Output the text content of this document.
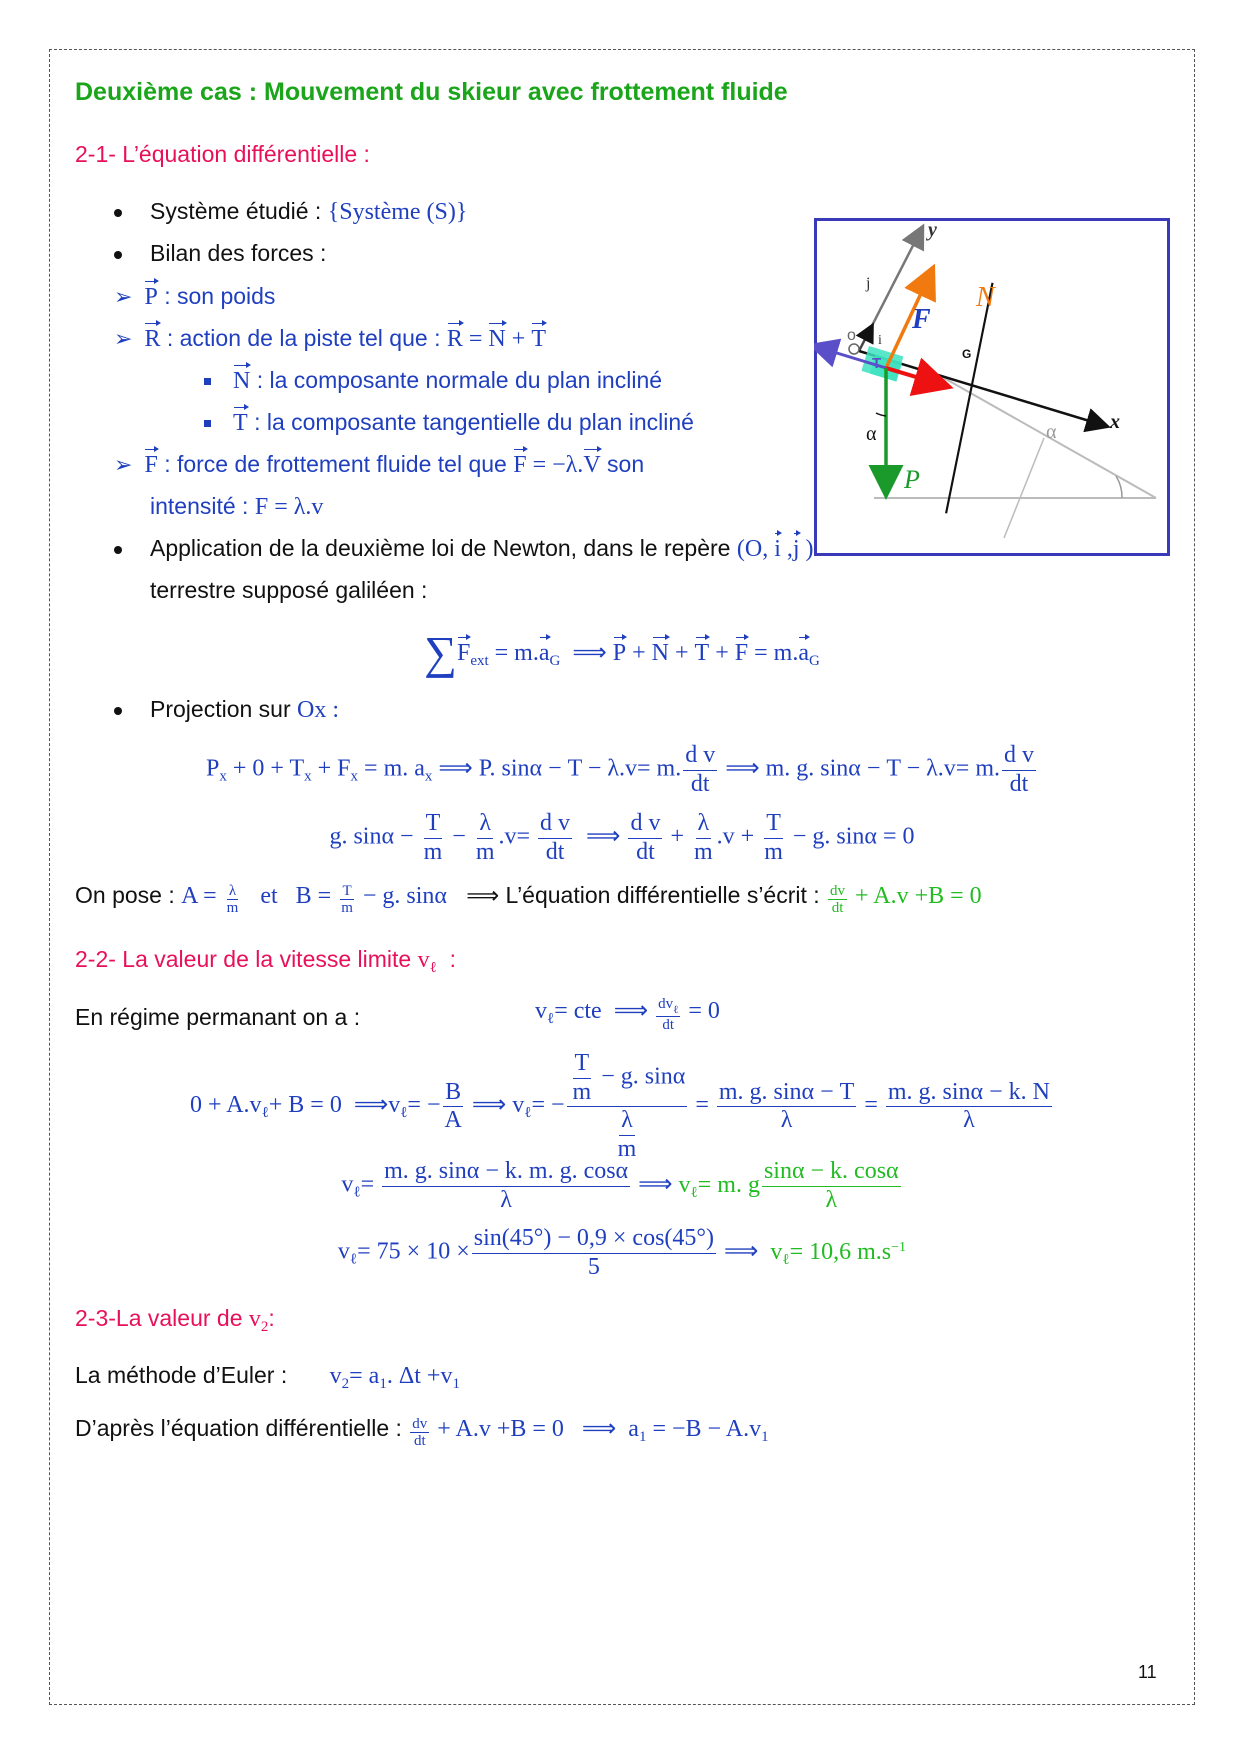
Deuxième cas : Mouvement du skieur avec frottement fluide
2-1- L’équation différentielle :
Système étudié : {Système (S)}
Bilan des forces :
➢ P : son poids
➢ R : action de la piste tel que : R = N + T
N : la composante normale du plan incliné
T : la composante tangentielle du plan incliné
➢ F : force de frottement fluide tel que F = −λ.V son
intensité : F = λ.v
Application de la deuxième loi de Newton, dans le repère (O, i ,j )
terrestre supposé galiléen :
$\sum F_{ext} = m.a_G$  ⟹ $P + N + T + F = m.a_G$
Projection sur Ox :
$P_x + 0 + T_x + F_x = m$. $a_x$ ⟹ P. sinα − T − λ.v= m. $\frac{\text{d v}}{dt}$ ⟹ m. g. sinα − T − λ.v= m. $\frac{\text{d v}}{dt}$
g. $\sin\alpha - \frac{T}{m} - \frac{\lambda}{m} .v= \frac{\text{d v}}{dt}$ ⟹ $\frac{\text{d v}}{dt} + \frac{\lambda}{m} .v + \frac{T}{m} - g$. sinα = 0
On pose : $A = \frac{\lambda}{m}$ et   $B = \frac{T}{m} - g$. sinα ⟹ L’équation différentielle s’écrit : $\frac{dv}{dt} + A.v +B = 0$
2-2- La valeur de la vitesse limite $v_\ell$  :
En régime permanant on a :	$v_\ell=$ cte  ⟹ $\frac{dv_\ell}{dt} = 0$
$0 + A.v_\ell+ B = 0$  $⟹v_\ell= - \frac{B}{A}$ ⟹ $v_\ell= - \frac{\frac{T}{m} - g. \sin\alpha}{\frac{\lambda}{m}} = \frac{m. g. \sin\alpha - T}{\lambda} = \frac{m. g. \sin\alpha - k. N}{\lambda}$
$v_\ell= \frac{m. g. \sin\alpha - k. m. g. \cos\alpha}{\lambda}$ ⟹ $v_\ell= m$. g $\frac{\sin\alpha - k. \cos\alpha}{\lambda}$
$v_\ell= 75 \times 10 \times \frac{\sin(45^\circ) - 0,9 \times \cos(45^\circ)}{5}$ ⟹  $v_\ell= 10,6$ $m.s^{-1}$
2-3-La valeur de $v_2$:
La méthode d’Euler : $v_2= a_1$. $\Delta t +v_1$
D’après l’équation différentielle : $\frac{dv}{dt} + A.v +B = 0$   ⟹  $a_1 = -B - A.v_1$
11
y
x
o
j
i
N
F
T
G
P
α	α
